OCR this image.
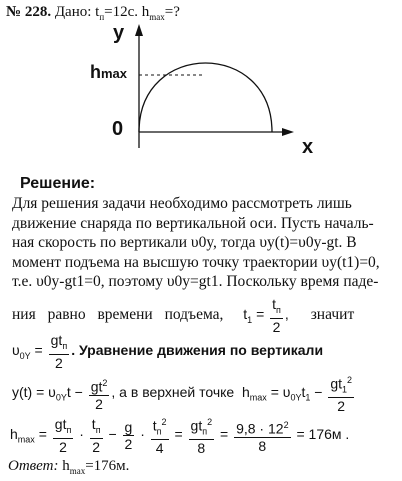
№ 228. Дано: $t_п=12c$. $h_{max}=$?
y
x
0
hmax
Решение:

Для решения задачи необходимо рассмотреть лишь

движение снаряда по вертикальной оси. Пусть началь-

ная скорость по вертикали υ0y, тогда υy(t)=υ0y-gt. В

момент подъема на высшую точку траектории υy(t1)=0,

т.е. υ0y-gt1=0, поэтому υ0y=gt1. Поскольку время паде-

ния равно времени подъема, $t_1 = \frac{t_п}{2}$ , значит
$\upsilon_{0Y} = \frac{gt_п}{2}$ . Уравнение движения по вертикали
$y(t) = \upsilon_{0Y}t - \frac{gt^2}{2}$ , а в верхней точке  $h_{max} = \upsilon_{0Y}t_1 - \frac{gt_1^2}{2}$
$h_{max} = \frac{gt_п}{2} \cdot \frac{t_п}{2} - \frac{g}{2} \cdot \frac{t_п^2}{4} = \frac{gt_п^2}{8} = \frac{9,8 \cdot 12^2}{8} = 176м$ .
Ответ: $h_{max}=176м$.
